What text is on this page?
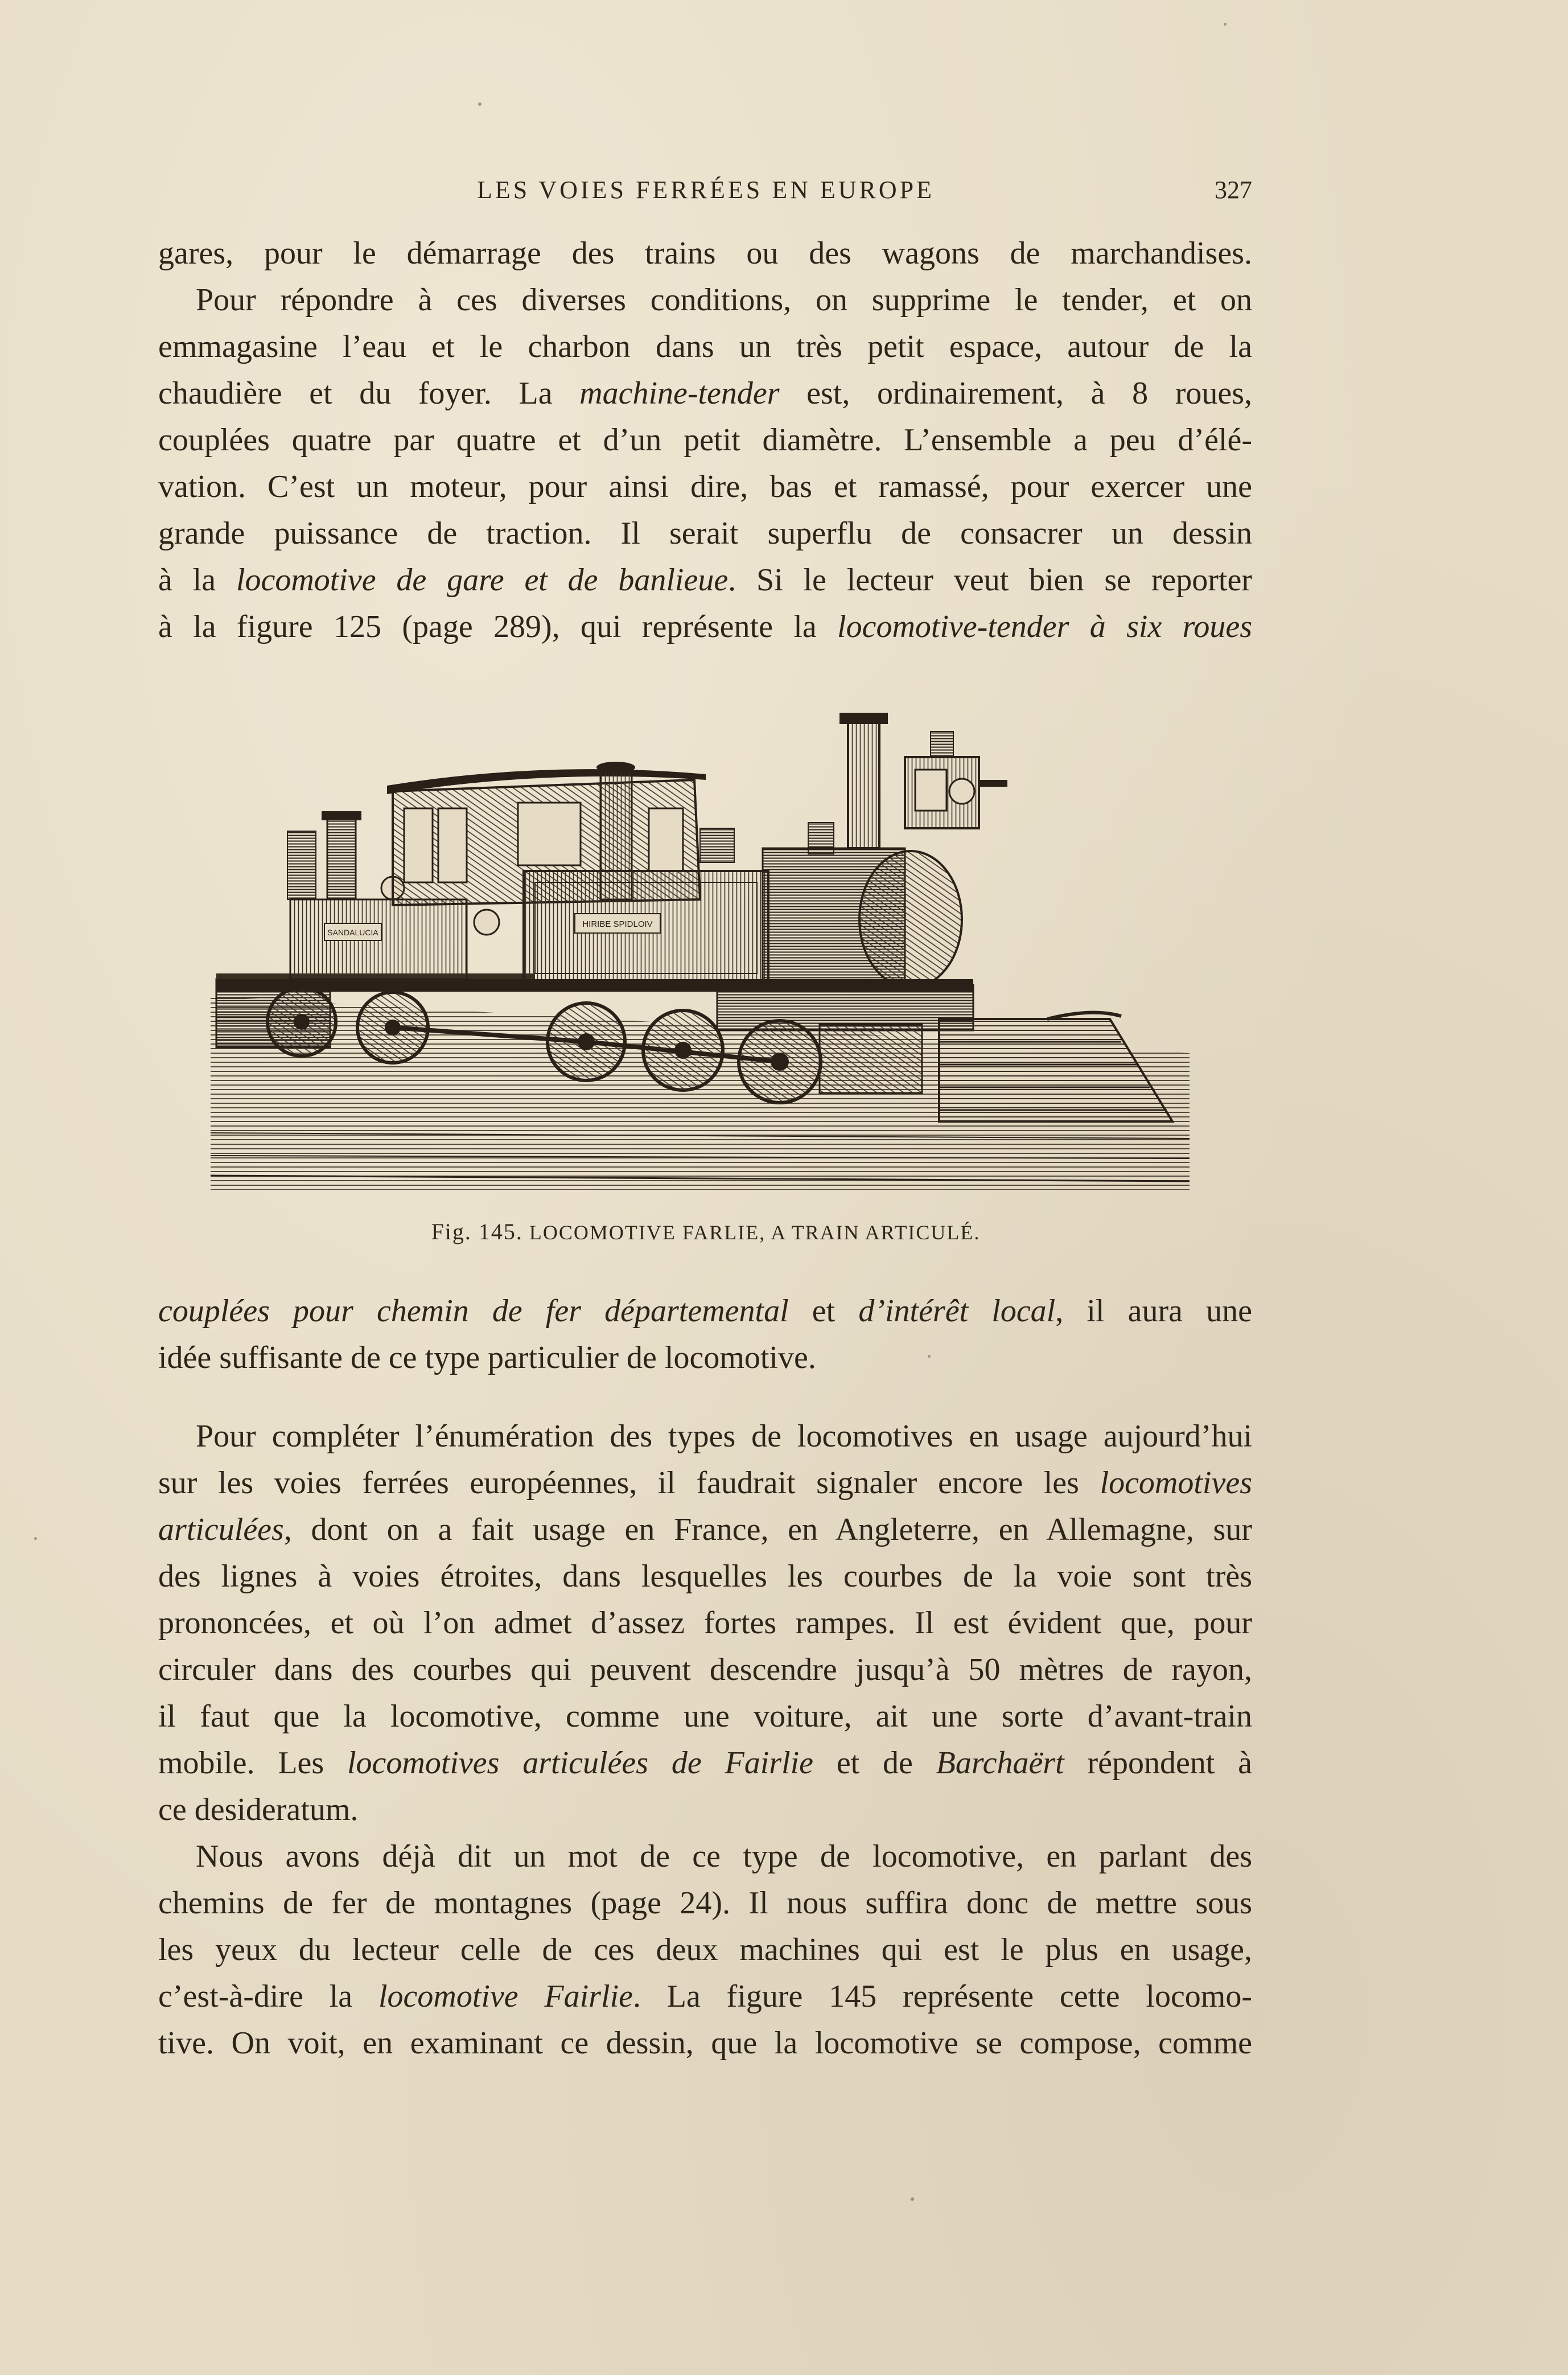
LES VOIES FERRÉES EN EUROPE	327
gares, pour le démarrage des trains ou des wagons de marchandises.
Pour répondre à ces diverses conditions, on supprime le tender, et on
emmagasine l’eau et le charbon dans un très petit espace, autour de la
chaudière et du foyer. La machine-tender est, ordinairement, à 8 roues,
couplées quatre par quatre et d’un petit diamètre. L’ensemble a peu d’élé-
vation. C’est un moteur, pour ainsi dire, bas et ramassé, pour exercer une
grande puissance de traction. Il serait superflu de consacrer un dessin
à la locomotive de gare et de banlieue. Si le lecteur veut bien se reporter
à la figure 125 (page 289), qui représente la locomotive-tender à six roues
SANDALUCIA
HIRIBE SPIDLOIV
Fig. 145. LOCOMOTIVE FARLIE, A TRAIN ARTICULÉ.
couplées pour chemin de fer départemental et d’intérêt local, il aura une
idée suffisante de ce type particulier de locomotive.
Pour compléter l’énumération des types de locomotives en usage aujourd’hui
sur les voies ferrées européennes, il faudrait signaler encore les locomotives
articulées, dont on a fait usage en France, en Angleterre, en Allemagne, sur
des lignes à voies étroites, dans lesquelles les courbes de la voie sont très
prononcées, et où l’on admet d’assez fortes rampes. Il est évident que, pour
circuler dans des courbes qui peuvent descendre jusqu’à 50 mètres de rayon,
il faut que la locomotive, comme une voiture, ait une sorte d’avant-train
mobile. Les locomotives articulées de Fairlie et de Barchaërt répondent à
ce desideratum.
Nous avons déjà dit un mot de ce type de locomotive, en parlant des
chemins de fer de montagnes (page 24). Il nous suffira donc de mettre sous
les yeux du lecteur celle de ces deux machines qui est le plus en usage,
c’est-à-dire la locomotive Fairlie. La figure 145 représente cette locomo-
tive. On voit, en examinant ce dessin, que la locomotive se compose, comme
